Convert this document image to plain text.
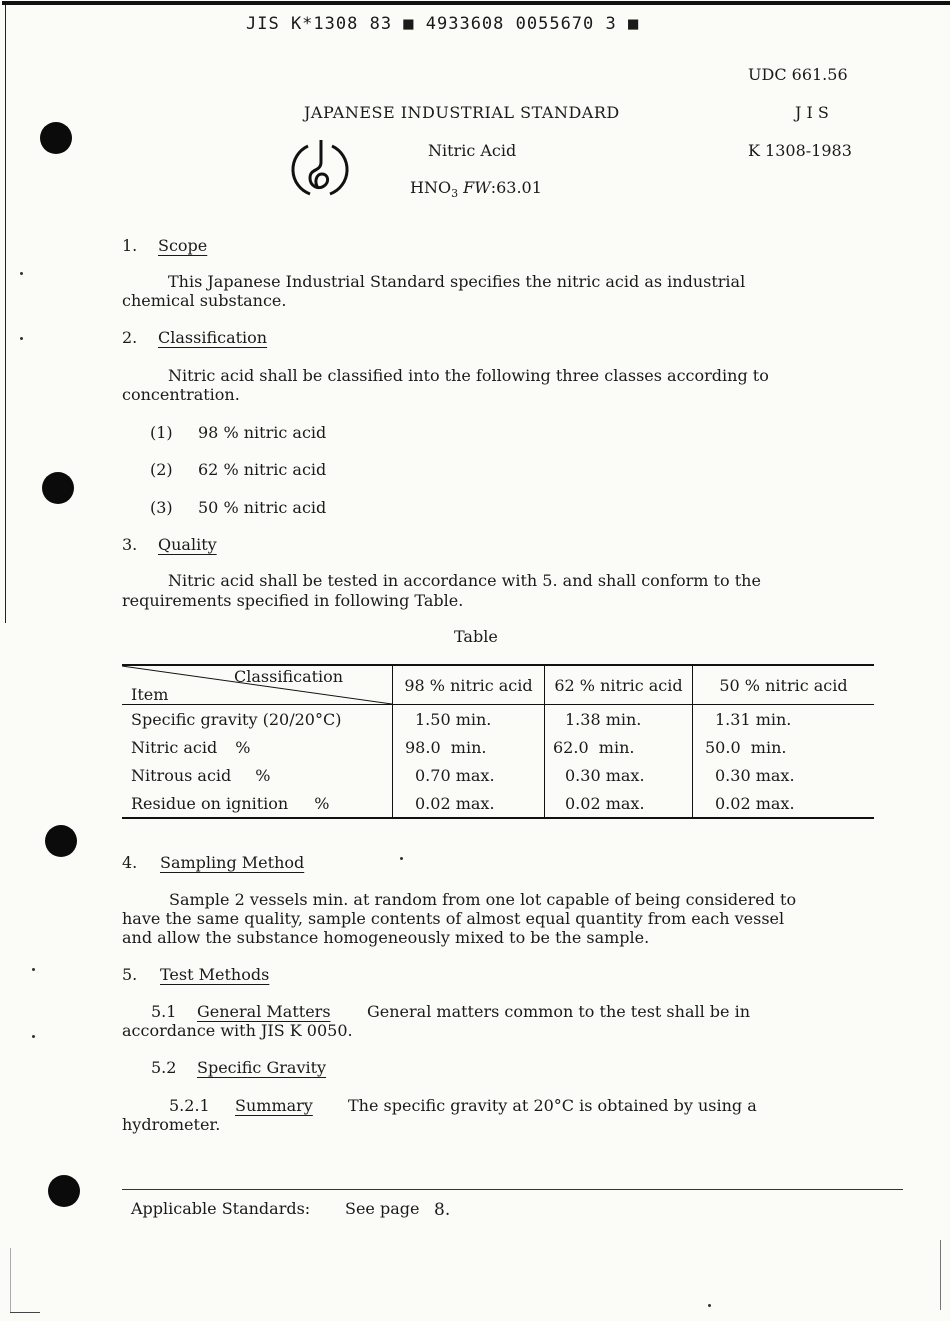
JIS K*1308 83 ■ 4933608 0055670 3 ■
UDC 661.56
J I S
K 1308-1983
JAPANESE INDUSTRIAL STANDARD
Nitric Acid
$HNO_3$ FW:63.01
1. Scope
This Japanese Industrial Standard specifies the nitric acid as industrial
chemical substance.
2. Classification
Nitric acid shall be classified into the following three classes according to
concentration.
(1) 98 % nitric acid
(2) 62 % nitric acid
(3) 50 % nitric acid
3. Quality
Nitric acid shall be tested in accordance with 5. and shall conform to the
requirements specified in following Table.
Table
Classification
Item	98 % nitric acid	62 % nitric acid	50 % nitric acid
Specific gravity (20/20°C)	1.50 min.	1.38 min.	1.31 min.
Nitric acid %	98.0  min.	62.0  min.	50.0  min.
Nitrous acid %	0.70 max.	0.30 max.	0.30 max.
Residue on ignition %	0.02 max.	0.02 max.	0.02 max.
4. Sampling Method
Sample 2 vessels min. at random from one lot capable of being considered to
have the same quality, sample contents of almost equal quantity from each vessel
and allow the substance homogeneously mixed to be the sample.
5. Test Methods
5.1 General Matters General matters common to the test shall be in
accordance with JIS K 0050.
5.2 Specific Gravity
5.2.1 Summary The specific gravity at 20°C is obtained by using a
hydrometer.
Applicable Standards: See page 8.
